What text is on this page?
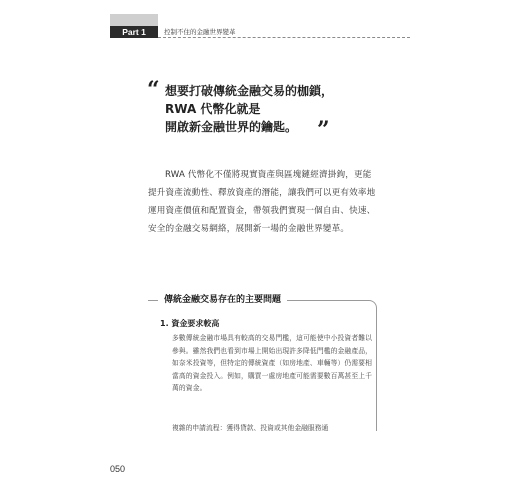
Part 1	控制不住的金融世界變革
“ 想要打破傳統金融交易的枷鎖，
RWA 代幣化就是
開啟新金融世界的鑰匙。 ”

RWA 代幣化不僅將現實資產與區塊鏈經濟掛鉤，更能提升資產流動性、釋放資產的潛能，讓我們可以更有效率地運用資產價值和配置資金，帶領我們實現一個自由、快速、安全的金融交易網絡，展開新一場的金融世界變革。

傳統金融交易存在的主要問題
1. 資金要求較高

多數傳統金融市場具有較高的交易門檻，這可能使中小投資者難以參與。雖然我們也看到市場上開始出現許多降低門檻的金融產品，如奈米投資等，但特定的傳統資產（如房地產、車輛等）仍需要相當高的資金投入。例如，購買一處房地產可能需要數百萬甚至上千萬的資金。

複雜的申請流程：獲得貸款、投資或其他金融服務通

050
